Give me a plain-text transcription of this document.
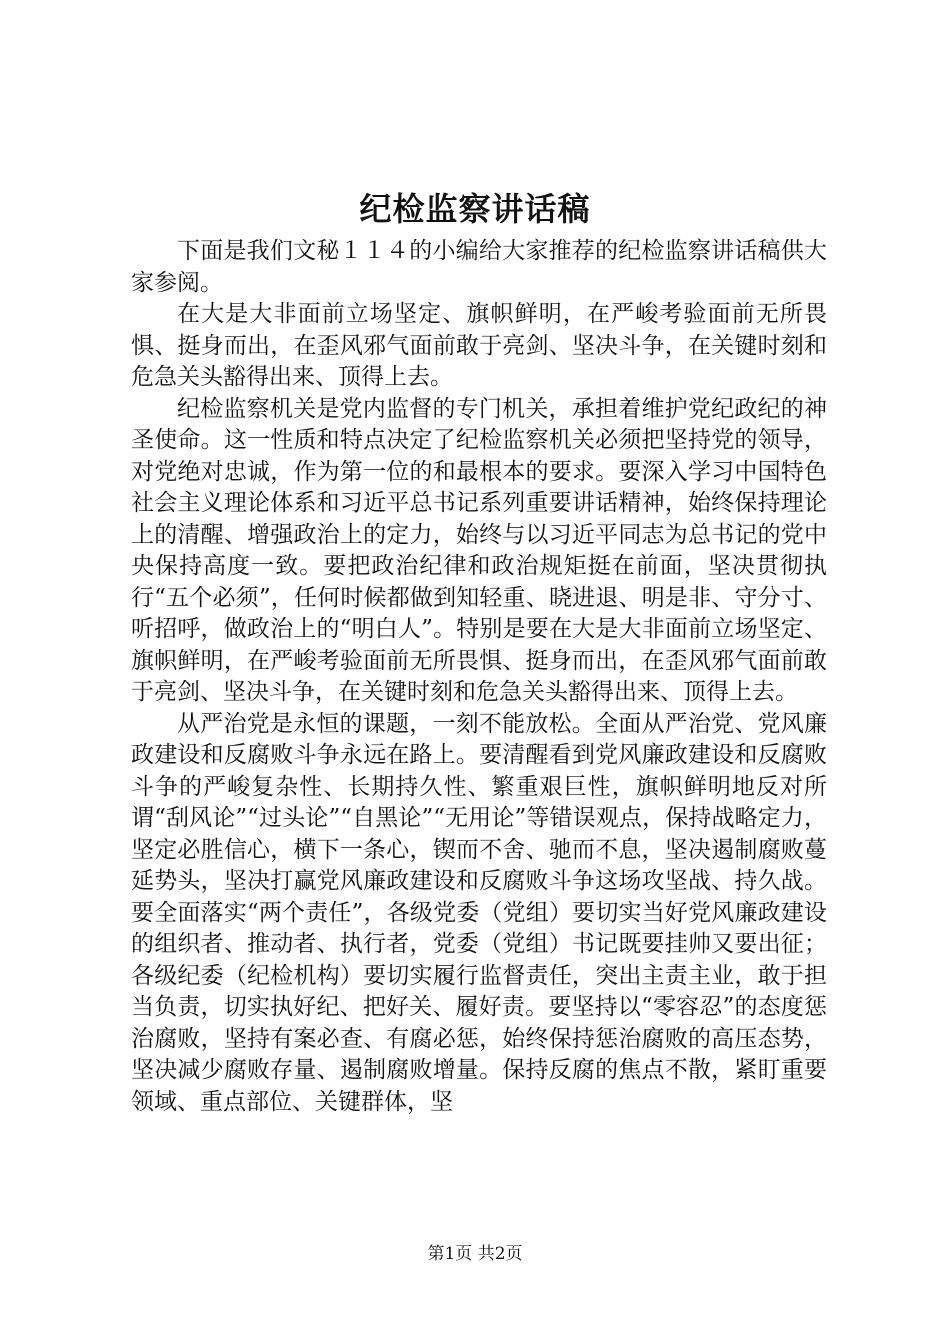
纪检监察讲话稿

下面是我们文秘１１４的小编给大家推荐的纪检监察讲话稿供大家参阅。

在大是大非面前立场坚定、旗帜鲜明，在严峻考验面前无所畏惧、挺身而出，在歪风邪气面前敢于亮剑、坚决斗争，在关键时刻和危急关头豁得出来、顶得上去。

纪检监察机关是党内监督的专门机关，承担着维护党纪政纪的神圣使命。这一性质和特点决定了纪检监察机关必须把坚持党的领导，对党绝对忠诚，作为第一位的和最根本的要求。要深入学习中国特色社会主义理论体系和习近平总书记系列重要讲话精神，始终保持理论上的清醒、增强政治上的定力，始终与以习近平同志为总书记的党中央保持高度一致。要把政治纪律和政治规矩挺在前面，坚决贯彻执行“五个必须”，任何时候都做到知轻重、晓进退、明是非、守分寸、听招呼，做政治上的“明白人”。特别是要在大是大非面前立场坚定、旗帜鲜明，在严峻考验面前无所畏惧、挺身而出，在歪风邪气面前敢于亮剑、坚决斗争，在关键时刻和危急关头豁得出来、顶得上去。

从严治党是永恒的课题，一刻不能放松。全面从严治党、党风廉政建设和反腐败斗争永远在路上。要清醒看到党风廉政建设和反腐败斗争的严峻复杂性、长期持久性、繁重艰巨性，旗帜鲜明地反对所谓“刮风论”“过头论”“自黑论”“无用论”等错误观点，保持战略定力，坚定必胜信心，横下一条心，锲而不舍、驰而不息，坚决遏制腐败蔓延势头，坚决打赢党风廉政建设和反腐败斗争这场攻坚战、持久战。要全面落实“两个责任”，各级党委（党组）要切实当好党风廉政建设的组织者、推动者、执行者，党委（党组）书记既要挂帅又要出征；各级纪委（纪检机构）要切实履行监督责任，突出主责主业，敢于担当负责，切实执好纪、把好关、履好责。要坚持以“零容忍”的态度惩治腐败，坚持有案必查、有腐必惩，始终保持惩治腐败的高压态势，坚决减少腐败存量、遏制腐败增量。保持反腐的焦点不散，紧盯重要领域、重点部位、关键群体，坚

第1页 共2页
